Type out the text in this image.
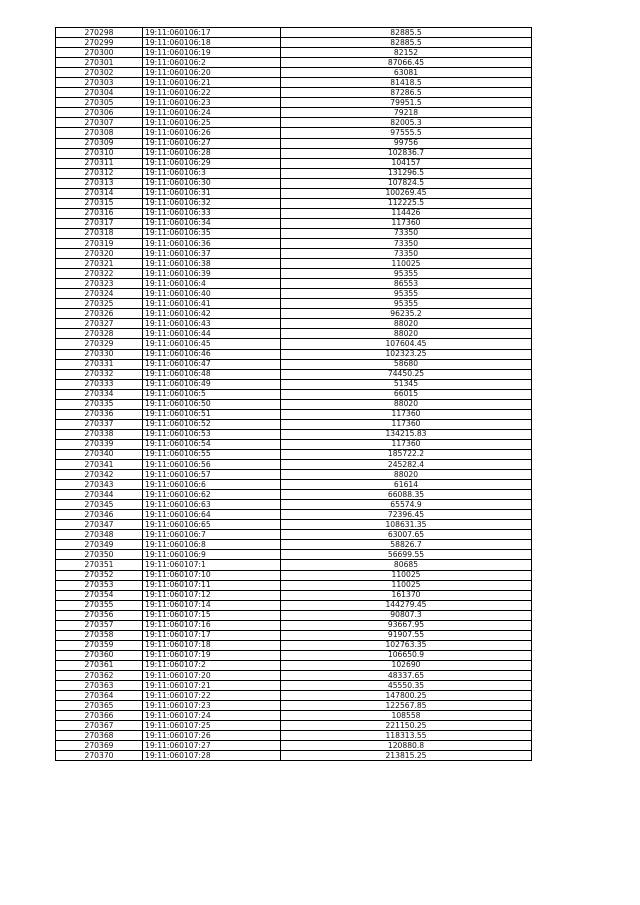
270298	19:11:060106:17	82885.5
270299	19:11:060106:18	82885.5
270300	19:11:060106:19	82152
270301	19:11:060106:2	87066.45
270302	19:11:060106:20	63081
270303	19:11:060106:21	81418.5
270304	19:11:060106:22	87286.5
270305	19:11:060106:23	79951.5
270306	19:11:060106:24	79218
270307	19:11:060106:25	82005.3
270308	19:11:060106:26	97555.5
270309	19:11:060106:27	99756
270310	19:11:060106:28	102836.7
270311	19:11:060106:29	104157
270312	19:11:060106:3	131296.5
270313	19:11:060106:30	107824.5
270314	19:11:060106:31	100269.45
270315	19:11:060106:32	112225.5
270316	19:11:060106:33	114426
270317	19:11:060106:34	117360
270318	19:11:060106:35	73350
270319	19:11:060106:36	73350
270320	19:11:060106:37	73350
270321	19:11:060106:38	110025
270322	19:11:060106:39	95355
270323	19:11:060106:4	86553
270324	19:11:060106:40	95355
270325	19:11:060106:41	95355
270326	19:11:060106:42	96235.2
270327	19:11:060106:43	88020
270328	19:11:060106:44	88020
270329	19:11:060106:45	107604.45
270330	19:11:060106:46	102323.25
270331	19:11:060106:47	58680
270332	19:11:060106:48	74450.25
270333	19:11:060106:49	51345
270334	19:11:060106:5	66015
270335	19:11:060106:50	88020
270336	19:11:060106:51	117360
270337	19:11:060106:52	117360
270338	19:11:060106:53	134215.83
270339	19:11:060106:54	117360
270340	19:11:060106:55	185722.2
270341	19:11:060106:56	245282.4
270342	19:11:060106:57	88020
270343	19:11:060106:6	61614
270344	19:11:060106:62	66088.35
270345	19:11:060106:63	65574.9
270346	19:11:060106:64	72396.45
270347	19:11:060106:65	108631.35
270348	19:11:060106:7	63007.65
270349	19:11:060106:8	58826.7
270350	19:11:060106:9	56699.55
270351	19:11:060107:1	80685
270352	19:11:060107:10	110025
270353	19:11:060107:11	110025
270354	19:11:060107:12	161370
270355	19:11:060107:14	144279.45
270356	19:11:060107:15	90807.3
270357	19:11:060107:16	93667.95
270358	19:11:060107:17	91907.55
270359	19:11:060107:18	102763.35
270360	19:11:060107:19	106650.9
270361	19:11:060107:2	102690
270362	19:11:060107:20	48337.65
270363	19:11:060107:21	45550.35
270364	19:11:060107:22	147800.25
270365	19:11:060107:23	122567.85
270366	19:11:060107:24	108558
270367	19:11:060107:25	221150.25
270368	19:11:060107:26	118313.55
270369	19:11:060107:27	120880.8
270370	19:11:060107:28	213815.25
